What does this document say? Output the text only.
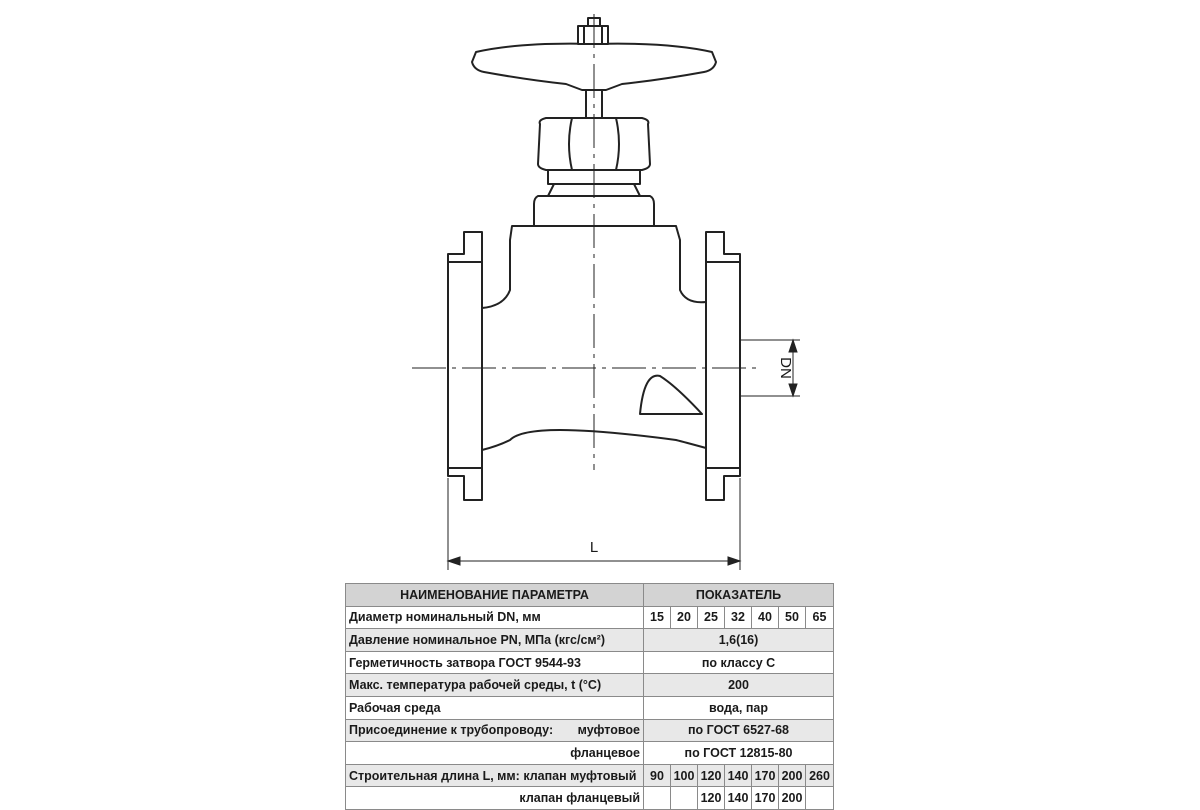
L
DN
НАИМЕНОВАНИЕ ПАРАМЕТРА	ПОКАЗАТЕЛЬ						
Диаметр номинальный DN, мм	15	20	25	32	40	50	65
Давление номинальное PN, МПа (кгс/см²)	1,6(16)						
Герметичность затвора ГОСТ 9544-93	по классу С						
Макс. температура рабочей среды, t (°С)	200						
Рабочая среда	вода, пар						

Присоединение к трубопроводу: муфтовое	по ГОСТ 6527-68						
фланцевое	по ГОСТ 12815-80						
Строительная длина L, мм: клапан муфтовый	90	100	120	140	170	200	260
клапан фланцевый			120	140	170	200	
